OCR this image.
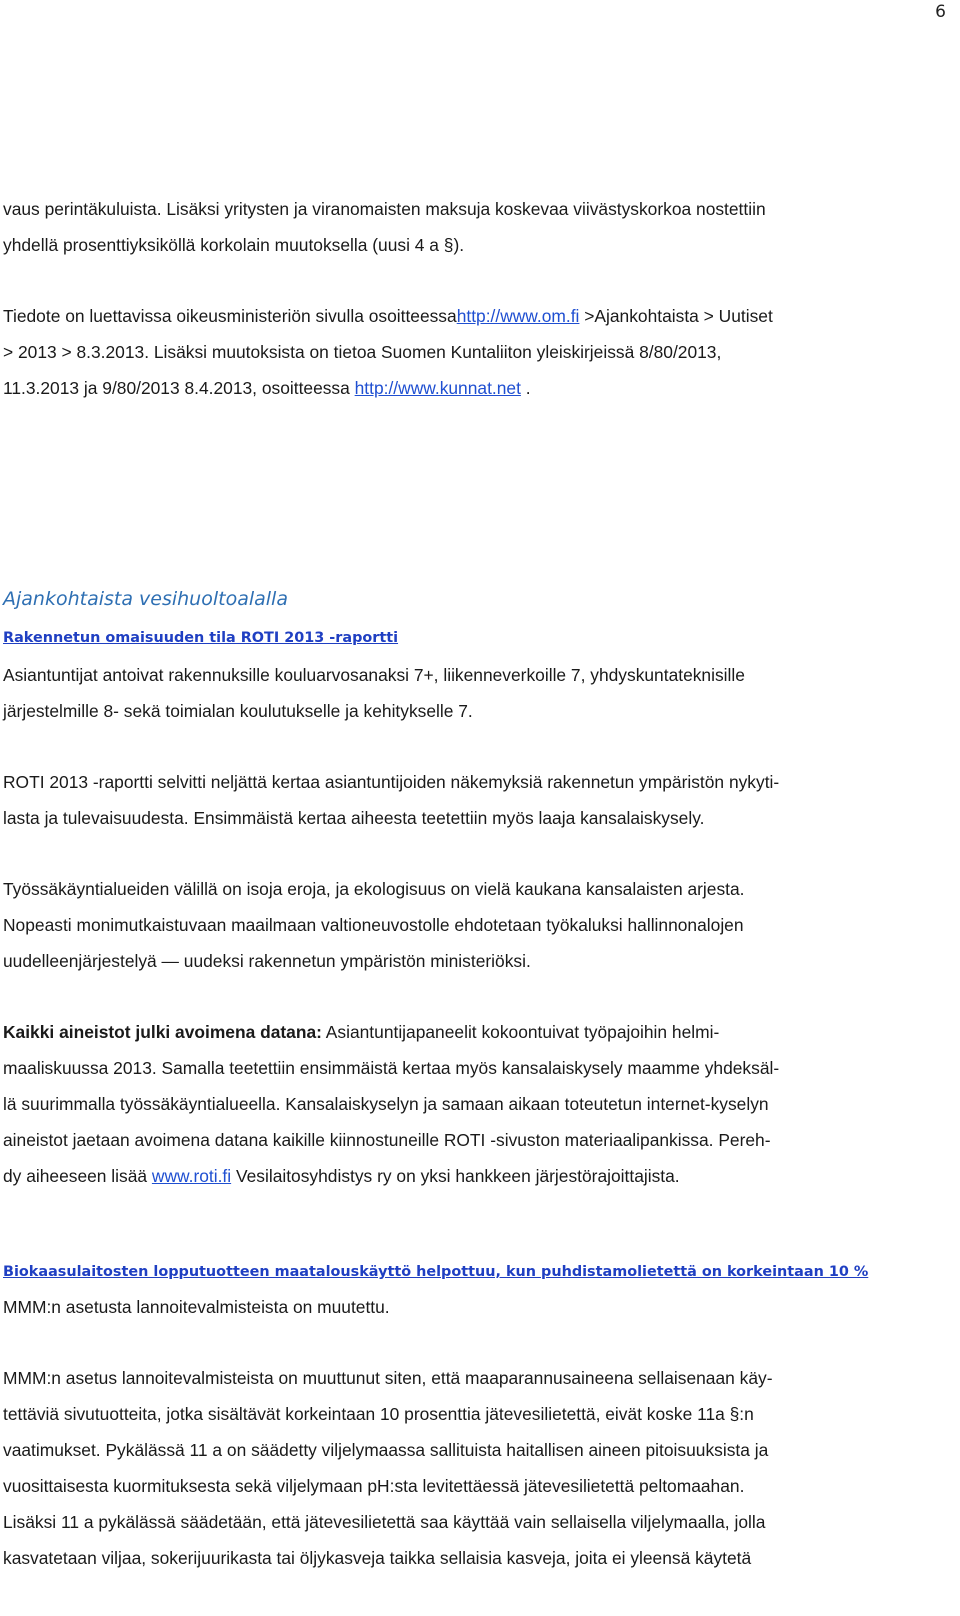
6
vaus perintäkuluista. Lisäksi yritysten ja viranomaisten maksuja koskevaa viivästyskorkoa nostettiin
yhdellä prosenttiyksiköllä korkolain muutoksella (uusi 4 a §).
Tiedote on luettavissa oikeusministeriön sivulla osoitteessahttp://www.om.fi >Ajankohtaista > Uutiset
> 2013 > 8.3.2013. Lisäksi muutoksista on tietoa Suomen Kuntaliiton yleiskirjeissä 8/80/2013,
11.3.2013 ja 9/80/2013 8.4.2013, osoitteessa http://www.kunnat.net .
Ajankohtaista vesihuoltoalalla
Rakennetun omaisuuden tila ROTI 2013 -raportti
Asiantuntijat antoivat rakennuksille kouluarvosanaksi 7+, liikenneverkoille 7, yhdyskuntateknisille
järjestelmille 8- sekä toimialan koulutukselle ja kehitykselle 7.
ROTI 2013 -raportti selvitti neljättä kertaa asiantuntijoiden näkemyksiä rakennetun ympäristön nykyti-
lasta ja tulevaisuudesta. Ensimmäistä kertaa aiheesta teetettiin myös laaja kansalaiskysely.
Työssäkäyntialueiden välillä on isoja eroja, ja ekologisuus on vielä kaukana kansalaisten arjesta.
Nopeasti monimutkaistuvaan maailmaan valtioneuvostolle ehdotetaan työkaluksi hallinnonalojen
uudelleenjärjestelyä — uudeksi rakennetun ympäristön ministeriöksi.
Kaikki aineistot julki avoimena datana: Asiantuntijapaneelit kokoontuivat työpajoihin helmi-
maaliskuussa 2013. Samalla teetettiin ensimmäistä kertaa myös kansalaiskysely maamme yhdeksäl-
lä suurimmalla työssäkäyntialueella. Kansalaiskyselyn ja samaan aikaan toteutetun internet-kyselyn
aineistot jaetaan avoimena datana kaikille kiinnostuneille ROTI -sivuston materiaalipankissa. Pereh-
dy aiheeseen lisää www.roti.fi Vesilaitosyhdistys ry on yksi hankkeen järjestörajoittajista.
Biokaasulaitosten lopputuotteen maatalouskäyttö helpottuu, kun puhdistamolietettä on korkeintaan 10 %
MMM:n asetusta lannoitevalmisteista on muutettu.
MMM:n asetus lannoitevalmisteista on muuttunut siten, että maaparannusaineena sellaisenaan käy-
tettäviä sivutuotteita, jotka sisältävät korkeintaan 10 prosenttia jätevesilietettä, eivät koske 11a §:n
vaatimukset. Pykälässä 11 a on säädetty viljelymaassa sallituista haitallisen aineen pitoisuuksista ja
vuosittaisesta kuormituksesta sekä viljelymaan pH:sta levitettäessä jätevesilietettä peltomaahan.
Lisäksi 11 a pykälässä säädetään, että jätevesilietettä saa käyttää vain sellaisella viljelymaalla, jolla
kasvatetaan viljaa, sokerijuurikasta tai öljykasveja taikka sellaisia kasveja, joita ei yleensä käytetä
